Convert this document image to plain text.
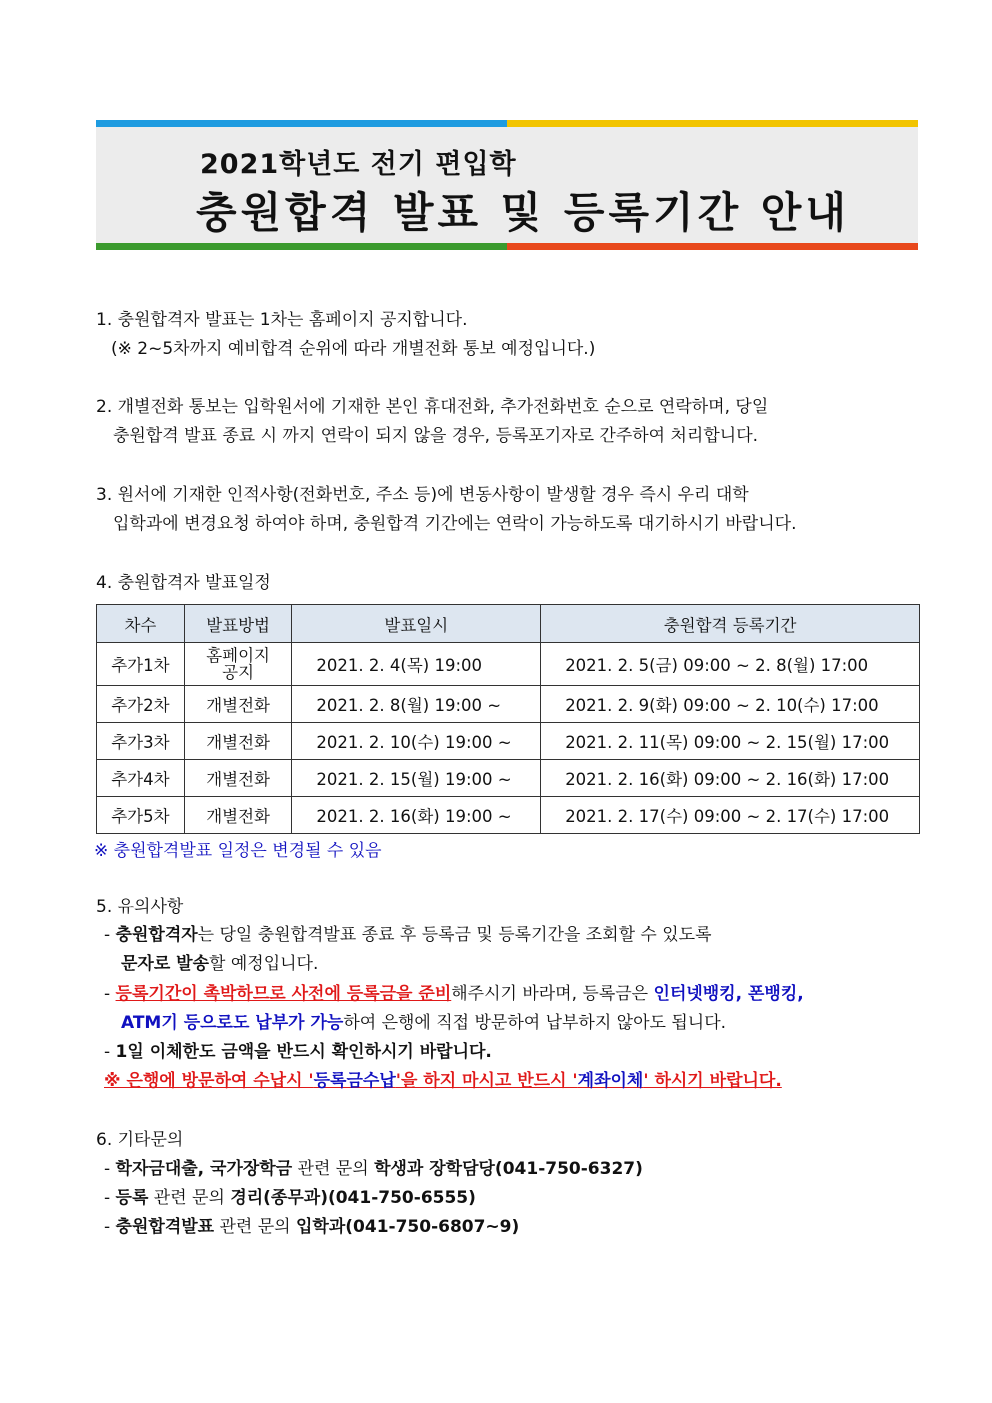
2021학년도 전기 편입학
충원합격 발표 및 등록기간 안내
1. 충원합격자 발표는 1차는 홈페이지 공지합니다.
(※ 2~5차까지 예비합격 순위에 따라 개별전화 통보 예정입니다.)
2. 개별전화 통보는 입학원서에 기재한 본인 휴대전화, 추가전화번호 순으로 연락하며, 당일
충원합격 발표 종료 시 까지 연락이 되지 않을 경우, 등록포기자로 간주하여 처리합니다.
3. 원서에 기재한 인적사항(전화번호, 주소 등)에 변동사항이 발생할 경우 즉시 우리 대학
입학과에 변경요청 하여야 하며, 충원합격 기간에는 연락이 가능하도록 대기하시기 바랍니다.
4. 충원합격자 발표일정
차수	발표방법	발표일시	충원합격 등록기간
추가1차	홈페이지
공지	2021. 2. 4(목) 19:00	2021. 2. 5(금) 09:00 ~ 2. 8(월) 17:00
추가2차	개별전화	2021. 2. 8(월) 19:00 ~	2021. 2. 9(화) 09:00 ~ 2. 10(수) 17:00
추가3차	개별전화	2021. 2. 10(수) 19:00 ~	2021. 2. 11(목) 09:00 ~ 2. 15(월) 17:00
추가4차	개별전화	2021. 2. 15(월) 19:00 ~	2021. 2. 16(화) 09:00 ~ 2. 16(화) 17:00
추가5차	개별전화	2021. 2. 16(화) 19:00 ~	2021. 2. 17(수) 09:00 ~ 2. 17(수) 17:00
※ 충원합격발표 일정은 변경될 수 있음
5. 유의사항
- 충원합격자는 당일 충원합격발표 종료 후 등록금 및 등록기간을 조회할 수 있도록
문자로 발송할 예정입니다.
- 등록기간이 촉박하므로 사전에 등록금을 준비해주시기 바라며, 등록금은 인터넷뱅킹, 폰뱅킹,
ATM기 등으로도 납부가 가능하여 은행에 직접 방문하여 납부하지 않아도 됩니다.
- 1일 이체한도 금액을 반드시 확인하시기 바랍니다.
※ 은행에 방문하여 수납시 '등록금수납'을 하지 마시고 반드시 '계좌이체' 하시기 바랍니다.
6. 기타문의
- 학자금대출, 국가장학금 관련 문의 학생과 장학담당(041-750-6327)
- 등록 관련 문의 경리(종무과)(041-750-6555)
- 충원합격발표 관련 문의 입학과(041-750-6807~9)
